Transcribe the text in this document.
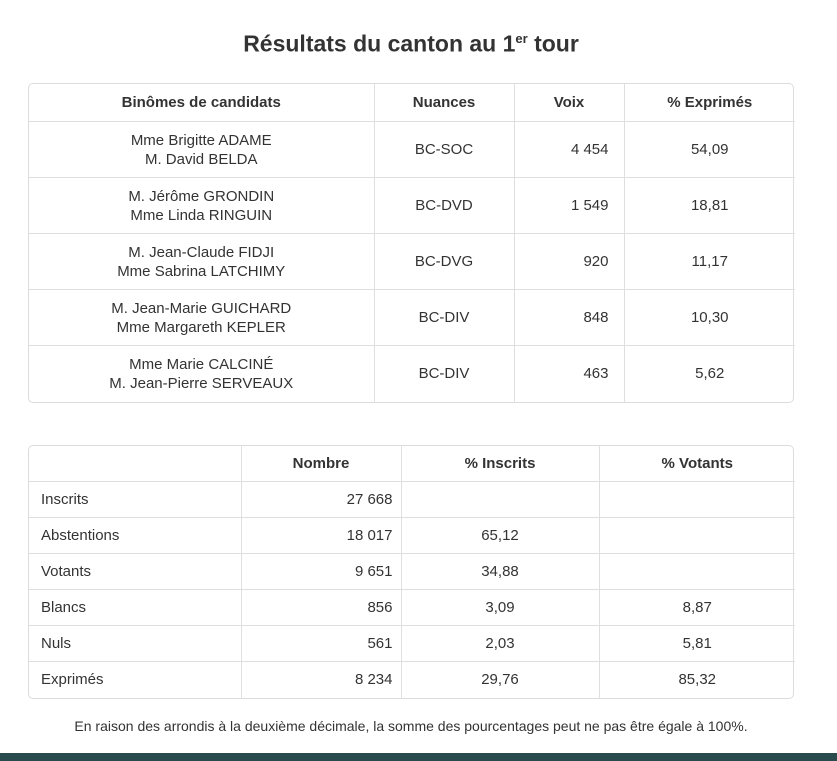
Résultats du canton au 1er tour
Binômes de candidats	Nuances	Voix	% Exprimés

Mme Brigitte ADAME
M. David BELDA	BC-SOC	4 454	54,09

M. Jérôme GRONDIN
Mme Linda RINGUIN	BC-DVD	1 549	18,81

M. Jean-Claude FIDJI
Mme Sabrina LATCHIMY	BC-DVG	920	11,17

M. Jean-Marie GUICHARD
Mme Margareth KEPLER	BC-DIV	848	10,30

Mme Marie CALCINÉ
M. Jean-Pierre SERVEAUX	BC-DIV	463	5,62
	Nombre	% Inscrits	% Votants
Inscrits	27 668		
Abstentions	18 017	65,12	
Votants	9 651	34,88	
Blancs	856	3,09	8,87
Nuls	561	2,03	5,81
Exprimés	8 234	29,76	85,32

En raison des arrondis à la deuxième décimale, la somme des pourcentages peut ne pas être égale à 100%.
